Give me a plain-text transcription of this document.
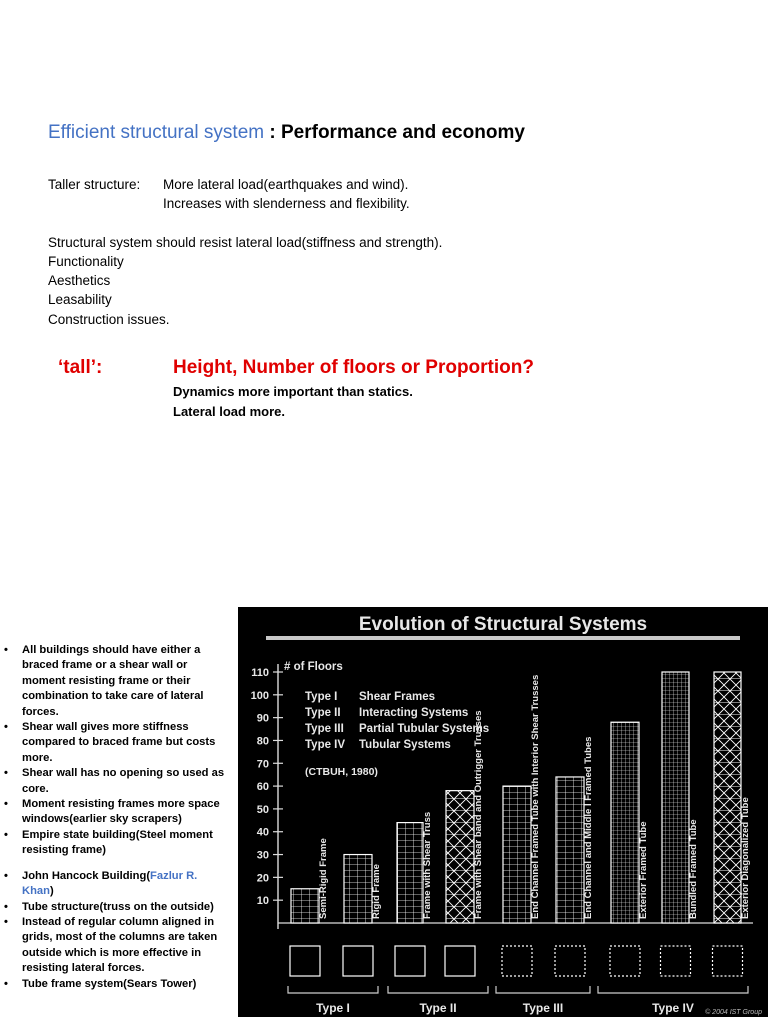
Efficient structural system : Performance and economy
Taller structure: More lateral load(earthquakes and wind).
Increases with slenderness and flexibility.
Structural system should resist lateral load(stiffness and strength).
Functionality
Aesthetics
Leasability
Construction issues.
‘tall’:	Height, Number of floors or Proportion?
Dynamics more important than statics.
Lateral load more.
• All buildings should have either a braced frame or a shear wall or moment resisting frame or their combination to take care of lateral forces.
• Shear wall gives more stiffness compared to braced frame but costs more.
• Shear wall has no opening so used as core.
• Moment resisting frames more space windows(earlier sky scrapers)
• Empire state building(Steel moment resisting frame)
• John Hancock Building(Fazlur R. Khan)
• Tube structure(truss on the outside)
• Instead of regular column aligned in grids, most of the columns are taken outside which is more effective in resisting lateral forces.
• Tube frame system(Sears Tower)
Evolution of Structural Systems
10
20
30
40
50
60
70
80
90
100
110 # of Floors
Type I Shear Frames
Type II Interacting Systems
Type III Partial Tubular Systems
Type IV Tubular Systems
(CTBUH, 1980)
Semi-Rigid Frame	Rigid Frame	Frame with Shear Truss	Frame with Shear band and Outrigger Trusses	End Channel Framed Tube with Interior Shear Trusses	End Channel and Middle I Framed Tubes	Exterior Framed Tube	Bundled Framed Tube	Exterior Diagonalized Tube
Type I	Type II	Type III	Type IV © 2004 IST Group
